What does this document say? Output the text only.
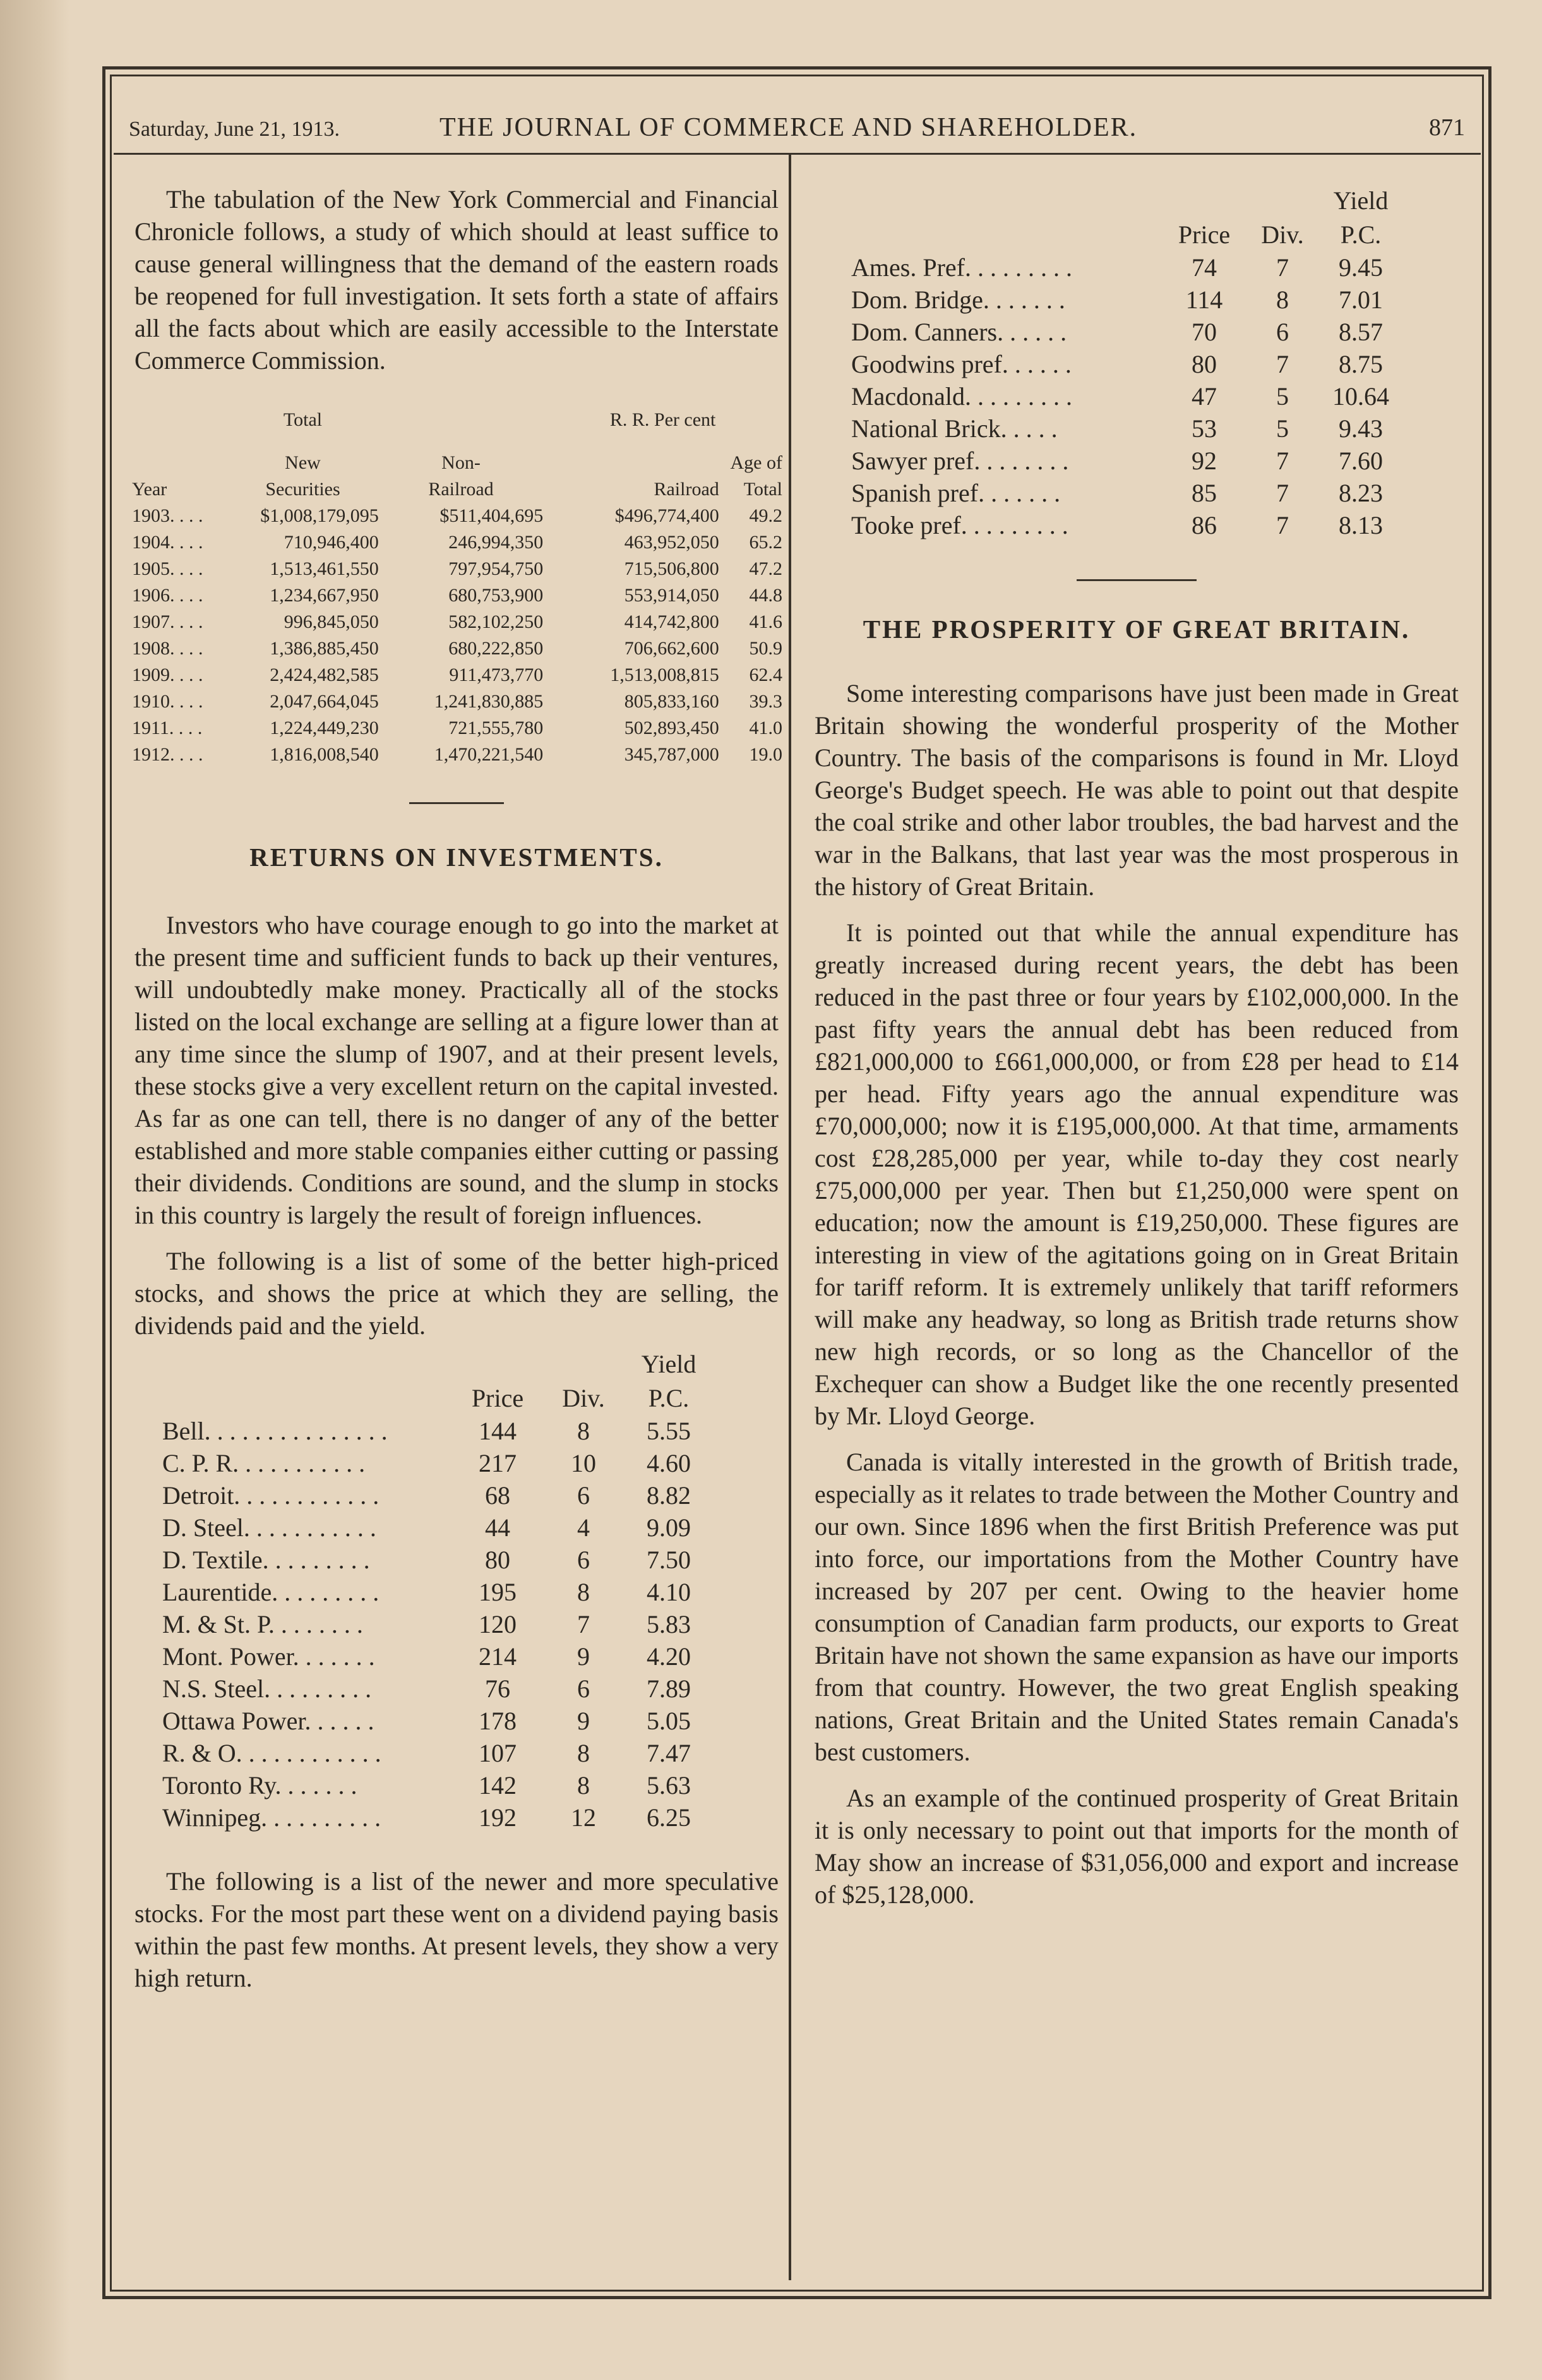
Saturday, June 21, 1913.	THE JOURNAL OF COMMERCE AND SHAREHOLDER.	871

The tabulation of the New York Commercial and Financial Chronicle follows, a study of which should at least suffice to cause general willingness that the demand of the eastern roads be reopened for full investigation. It sets forth a state of affairs all the facts about which are easily accessible to the Interstate Commerce Commission.

	Total		R. R. Per cent	

	New	Non-		Age of
Year	Securities	Railroad	Railroad	Total
1903. . . .	$1,008,179,095	$511,404,695	$496,774,400	49.2
1904. . . .	710,946,400	246,994,350	463,952,050	65.2
1905. . . .	1,513,461,550	797,954,750	715,506,800	47.2
1906. . . .	1,234,667,950	680,753,900	553,914,050	44.8
1907. . . .	996,845,050	582,102,250	414,742,800	41.6
1908. . . .	1,386,885,450	680,222,850	706,662,600	50.9
1909. . . .	2,424,482,585	911,473,770	1,513,008,815	62.4
1910. . . .	2,047,664,045	1,241,830,885	805,833,160	39.3
1911. . . .	1,224,449,230	721,555,780	502,893,450	41.0
1912. . . .	1,816,008,540	1,470,221,540	345,787,000	19.0
RETURNS ON INVESTMENTS.

Investors who have courage enough to go into the market at the present time and sufficient funds to back up their ventures, will undoubtedly make money. Practically all of the stocks listed on the local exchange are selling at a figure lower than at any time since the slump of 1907, and at their present levels, these stocks give a very excellent return on the capital invested. As far as one can tell, there is no danger of any of the better established and more stable companies either cutting or passing their dividends. Conditions are sound, and the slump in stocks in this country is largely the result of foreign influences.

The following is a list of some of the better high-priced stocks, and shows the price at which they are selling, the dividends paid and the yield.

			Yield
	Price	Div.	P.C.
Bell. . . . . . . . . . . . . . .	144	8	5.55
C. P. R. . . . . . . . . . .	217	10	4.60
Detroit. . . . . . . . . . . .	68	6	8.82
D. Steel. . . . . . . . . . .	44	4	9.09
D. Textile. . . . . . . . .	80	6	7.50
Laurentide. . . . . . . . .	195	8	4.10
M. & St. P. . . . . . . .	120	7	5.83
Mont. Power. . . . . . .	214	9	4.20
N.S. Steel. . . . . . . . .	76	6	7.89
Ottawa Power. . . . . .	178	9	5.05
R. & O. . . . . . . . . . . .	107	8	7.47
Toronto Ry. . . . . . .	142	8	5.63
Winnipeg. . . . . . . . . .	192	12	6.25

The following is a list of the newer and more speculative stocks. For the most part these went on a dividend paying basis within the past few months. At present levels, they show a very high return.

			Yield
	Price	Div.	P.C.
Ames. Pref. . . . . . . . .	74	7	9.45
Dom. Bridge. . . . . . .	114	8	7.01
Dom. Canners. . . . . .	70	6	8.57
Goodwins pref. . . . . .	80	7	8.75
Macdonald. . . . . . . . .	47	5	10.64
National Brick. . . . .	53	5	9.43
Sawyer pref. . . . . . . .	92	7	7.60
Spanish pref. . . . . . .	85	7	8.23
Tooke pref. . . . . . . . .	86	7	8.13
THE PROSPERITY OF GREAT BRITAIN.

Some interesting comparisons have just been made in Great Britain showing the wonderful prosperity of the Mother Country. The basis of the comparisons is found in Mr. Lloyd George's Budget speech. He was able to point out that despite the coal strike and other labor troubles, the bad harvest and the war in the Balkans, that last year was the most prosperous in the history of Great Britain.

It is pointed out that while the annual expenditure has greatly increased during recent years, the debt has been reduced in the past three or four years by £102,000,000. In the past fifty years the annual debt has been reduced from £821,000,000 to £661,000,000, or from £28 per head to £14 per head. Fifty years ago the annual expenditure was £70,000,000; now it is £195,000,000. At that time, armaments cost £28,285,000 per year, while to-day they cost nearly £75,000,000 per year. Then but £1,250,000 were spent on education; now the amount is £19,250,000. These figures are interesting in view of the agitations going on in Great Britain for tariff reform. It is extremely unlikely that tariff reformers will make any headway, so long as British trade returns show new high records, or so long as the Chancellor of the Exchequer can show a Budget like the one recently presented by Mr. Lloyd George.

Canada is vitally interested in the growth of British trade, especially as it relates to trade between the Mother Country and our own. Since 1896 when the first British Preference was put into force, our importations from the Mother Country have increased by 207 per cent. Owing to the heavier home consumption of Canadian farm products, our exports to Great Britain have not shown the same expansion as have our imports from that country. However, the two great English speaking nations, Great Britain and the United States remain Canada's best customers.

As an example of the continued prosperity of Great Britain it is only necessary to point out that imports for the month of May show an increase of $31,056,000 and export and increase of $25,128,000.
